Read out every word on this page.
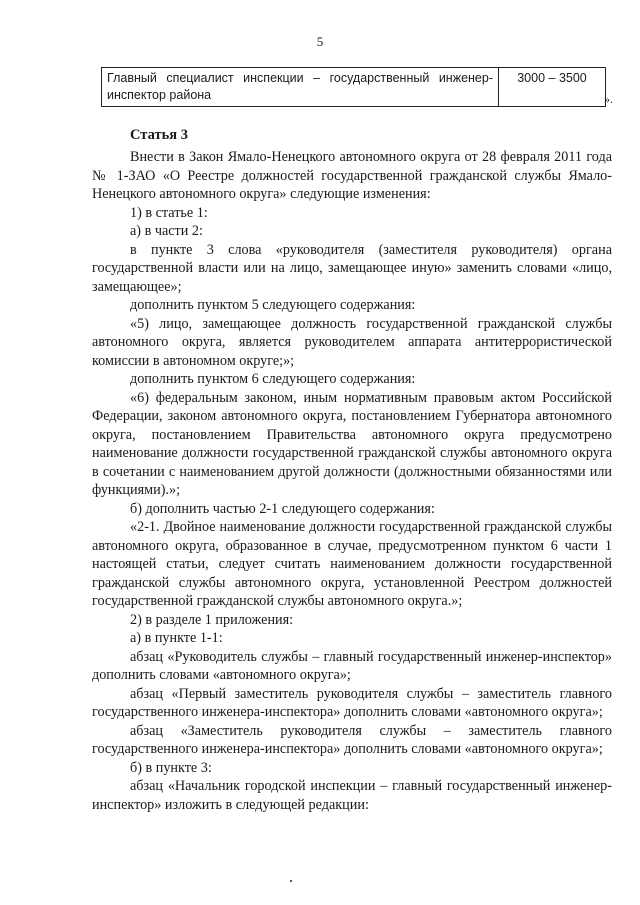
5
Главный специалист инспекции – государственный инженер-инспектор района	3000 – 3500
».
Статья 3

Внести в Закон Ямало-Ненецкого автономного округа от 28 февраля 2011 года № 1-ЗАО «О Реестре должностей государственной гражданской службы Ямало-Ненецкого автономного округа» следующие изменения:

1) в статье 1:

а) в части 2:

в пункте 3 слова «руководителя (заместителя руководителя) органа государственной власти или на лицо, замещающее иную» заменить словами «лицо, замещающее»;

дополнить пунктом 5 следующего содержания:

«5) лицо, замещающее должность государственной гражданской службы автономного округа, является руководителем аппарата антитеррористической комиссии в автономном округе;»;

дополнить пунктом 6 следующего содержания:

«6) федеральным законом, иным нормативным правовым актом Российской Федерации, законом автономного округа, постановлением Губернатора автономного округа, постановлением Правительства автономного округа предусмотрено наименование должности государственной гражданской службы автономного округа в сочетании с наименованием другой должности (должностными обязанностями или функциями).»;

б) дополнить частью 2-1 следующего содержания:

«2-1. Двойное наименование должности государственной гражданской службы автономного округа, образованное в случае, предусмотренном пунктом 6 части 1 настоящей статьи, следует считать наименованием должности государственной гражданской службы автономного округа, установленной Реестром должностей государственной гражданской службы автономного округа.»;

2) в разделе 1 приложения:

а) в пункте 1-1:

абзац «Руководитель службы – главный государственный инженер-инспектор» дополнить словами «автономного округа»;

абзац «Первый заместитель руководителя службы – заместитель главного государственного инженера-инспектора» дополнить словами «автономного округа»;

абзац «Заместитель руководителя службы – заместитель главного государственного инженера-инспектора» дополнить словами «автономного округа»;

б) в пункте 3:

абзац «Начальник городской инспекции – главный государственный инженер-инспектор» изложить в следующей редакции:
